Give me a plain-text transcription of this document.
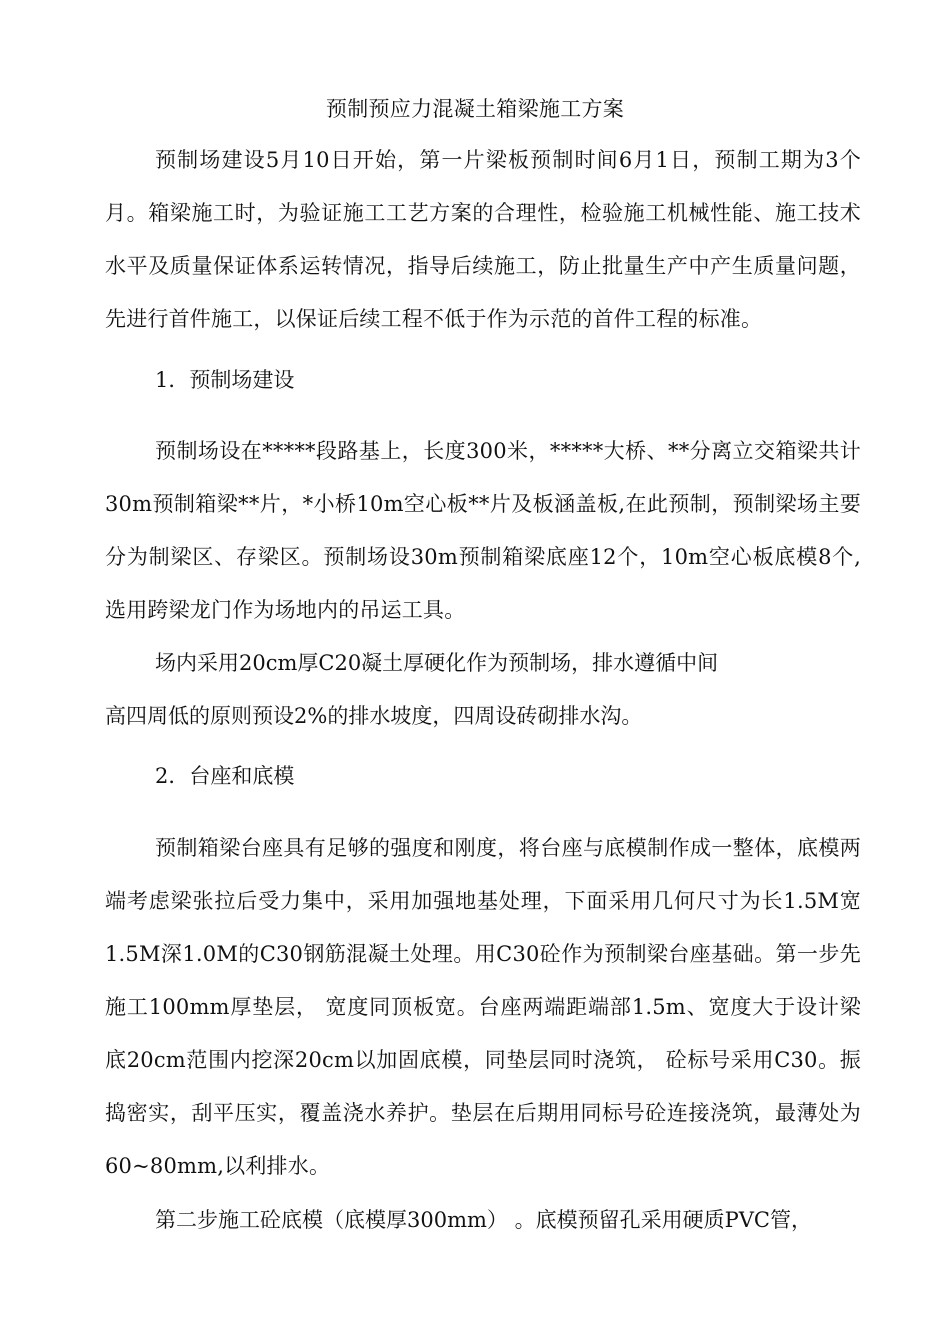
预制预应力混凝土箱梁施工方案

预制场建设5月10日开始，第一片梁板预制时间6月1日，预制工期为3个月。箱梁施工时，为验证施工工艺方案的合理性，检验施工机械性能、施工技术水平及质量保证体系运转情况，指导后续施工，防止批量生产中产生质量问题，先进行首件施工，以保证后续工程不低于作为示范的首件工程的标准。

1．预制场建设

预制场设在*****段路基上，长度300米，*****大桥、**分离立交箱梁共计30m预制箱梁**片，*小桥10m空心板**片及板涵盖板,在此预制，预制梁场主要分为制梁区、存梁区。预制场设30m预制箱梁底座12个，10m空心板底模8个,选用跨梁龙门作为场地内的吊运工具。

场内采用20cm厚C20凝土厚硬化作为预制场，排水遵循中间

高四周低的原则预设2%的排水坡度，四周设砖砌排水沟。

2．台座和底模

预制箱梁台座具有足够的强度和刚度，将台座与底模制作成一整体，底模两端考虑梁张拉后受力集中，采用加强地基处理，下面采用几何尺寸为长1.5M宽1.5M深1.0M的C30钢筋混凝土处理。用C30砼作为预制梁台座基础。第一步先施工100mm厚垫层， 宽度同顶板宽。台座两端距端部1.5m、宽度大于设计梁底20cm范围内挖深20cm以加固底模，同垫层同时浇筑， 砼标号采用C30。振捣密实，刮平压实，覆盖浇水养护。垫层在后期用同标号砼连接浇筑，最薄处为60~80mm,以利排水。

第二步施工砼底模（底模厚300mm） 。底模预留孔采用硬质PVC管，
